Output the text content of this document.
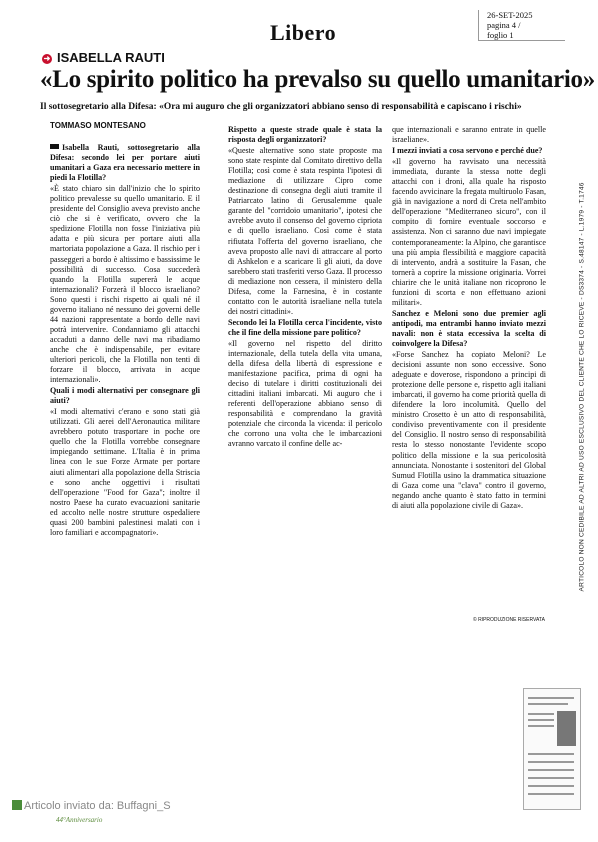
Libero
26-SET-2025
pagina 4 /
foglio 1
➜ ISABELLA RAUTI
«Lo spirito politico ha prevalso su quello umanitario»
Il sottosegretario alla Difesa: «Ora mi auguro che gli organizzatori abbiano senso di responsabilità e capiscano i rischi»
TOMMASO MONTESANO

Isabella Rauti, sottosegretario alla Difesa: secondo lei per portare aiuti umanitari a Gaza era necessario mettere in piedi la Flotilla?

«È stato chiaro sin dall'inizio che lo spirito politico prevalesse su quello umanitario. E il presidente del Consiglio aveva previsto anche ciò che si è verificato, ovvero che la spedizione Flotilla non fosse l'iniziativa più adatta e più sicura per portare aiuti alla martoriata popolazione a Gaza. Il rischio per i passeggeri a bordo è altissimo e bassissime le possibilità di successo. Cosa succederà quando la Flotilla supererà le acque internazionali? Forzerà il blocco israeliano? Sono questi i rischi rispetto ai quali né il governo italiano né nessuno dei governi delle 44 nazioni rappresentate a bordo delle navi potrà intervenire. Condanniamo gli attacchi accaduti a danno delle navi ma ribadiamo anche che è indispensabile, per evitare ulteriori pericoli, che la Flotilla non tenti di forzare il blocco, arrivata in acque internazionali».

Quali i modi alternativi per consegnare gli aiuti?

«I modi alternativi c'erano e sono stati già utilizzati. Gli aerei dell'Aeronautica militare avrebbero potuto trasportare in poche ore quello che la Flotilla vorrebbe consegnare impiegando settimane. L'Italia è in prima linea con le sue Forze Armate per portare aiuti alimentari alla popolazione della Striscia e sono anche oggettivi i risultati dell'operazione "Food for Gaza"; inoltre il nostro Paese ha curato evacuazioni sanitarie ed accolto nelle nostre strutture ospedaliere quasi 200 bambini palestinesi malati con i loro familiari e accompagnatori».

Rispetto a queste strade quale è stata la risposta degli organizzatori?

«Queste alternative sono state proposte ma sono state respinte dal Comitato direttivo della Flotilla; così come è stata respinta l'ipotesi di mediazione di utilizzare Cipro come destinazione di consegna degli aiuti tramite il Patriarcato latino di Gerusalemme quale garante del "corridoio umanitario", ipotesi che avrebbe avuto il consenso del governo cipriota e di quello israeliano. Così come è stata rifiutata l'offerta del governo israeliano, che aveva proposto alle navi di attraccare al porto di Ashkelon e a scaricare lì gli aiuti, da dove sarebbero stati trasferiti verso Gaza. Il processo di mediazione non cessera, il ministero della Difesa, come la Farnesina, è in costante contatto con le autorità israeliane nella tutela dei nostri cittadini».

Secondo lei la Flotilla cerca l'incidente, visto che il fine della missione pare politico?

«Il governo nel rispetto del diritto internazionale, della tutela della vita umana, della difesa della libertà di espressione e manifestazione pacifica, prima di ogni ha deciso di tutelare i diritti costituzionali dei cittadini italiani imbarcati. Mi auguro che i referenti dell'operazione abbiano senso di responsabilità e comprendano la gravità potenziale che circonda la vicenda: il pericolo che corrono una volta che le imbarcazioni avranno varcato il confine delle ac-

que internazionali e saranno entrate in quelle israeliane».

I mezzi inviati a cosa servono e perché due?

«Il governo ha ravvisato una necessità immediata, durante la stessa notte degli attacchi con i droni, alla quale ha risposto facendo avvicinare la fregata multiruolo Fasan, già in navigazione a nord di Creta nell'ambito dell'operazione "Mediterraneo sicuro", con il compito di fornire eventuale soccorso e assistenza. Non ci saranno due navi impiegate contemporaneamente: la Alpino, che garantisce una più ampia flessibilità e maggiore capacità di intervento, andrà a sostituire la Fasan, che tornerà a coprire la missione originaria. Vorrei chiarire che le unità italiane non ricoprono le funzioni di scorta e non effettuano azioni militari».

Sanchez e Meloni sono due premier agli antipodi, ma entrambi hanno inviato mezzi navali: non è stata eccessiva la scelta di coinvolgere la Difesa?

«Forse Sanchez ha copiato Meloni? Le decisioni assunte non sono eccessive. Sono adeguate e doverose, rispondono a principi di protezione delle persone e, rispetto agli italiani imbarcati, il governo ha come priorità quella di difendere la loro incolumità. Quello del ministro Crosetto è un atto di responsabilità, condiviso preventivamente con il presidente del Consiglio. Il nostro senso di responsabilità resta lo stesso nonostante l'evidente scopo politico della missione e la sua pericolosità annunciata. Nonostante i sostenitori del Global Sumud Flotilla usino la drammatica situazione di Gaza come una "clava" contro il governo, negando anche quanto è stato fatto in termini di aiuti alla popolazione civile di Gaza».

© RIPRODUZIONE RISERVATA
ARTICOLO NON CEDIBILE AD ALTRI AD USO ESCLUSIVO DEL CLIENTE CHE LO RICEVE - DS3374 - S.48147 - L.1979 - T.1746
Articolo inviato da: Buffagni_S
44°Anniversario
